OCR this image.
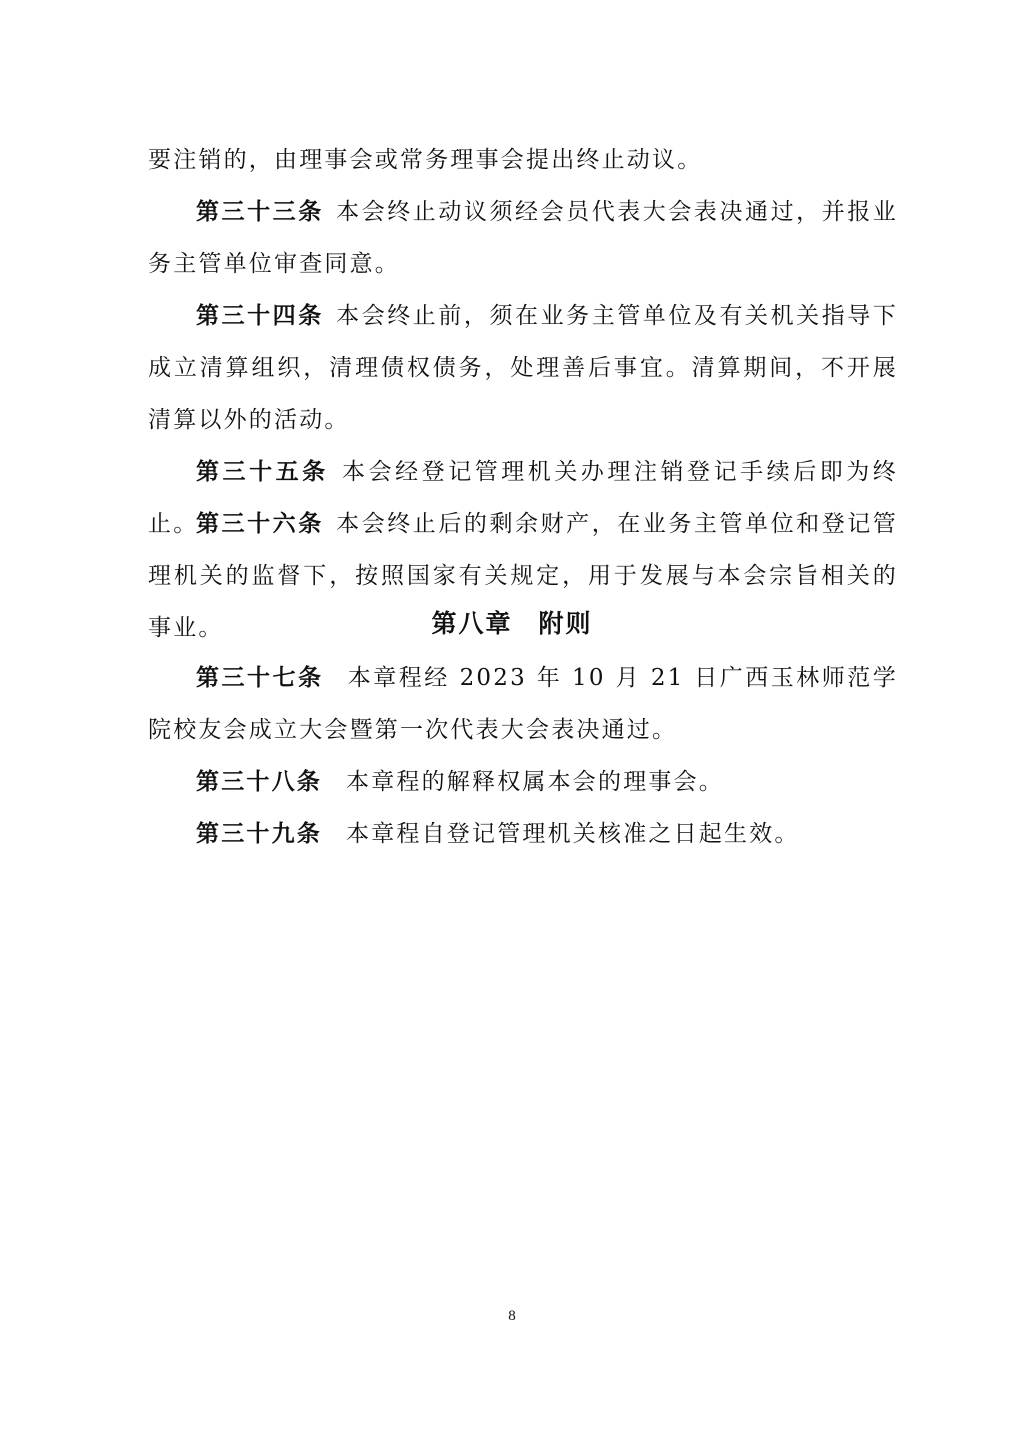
要注销的，由理事会或常务理事会提出终止动议。
第三十三条 本会终止动议须经会员代表大会表决通过，并报业务主管单位审查同意。
第三十四条 本会终止前，须在业务主管单位及有关机关指导下成立清算组织，清理债权债务，处理善后事宜。清算期间，不开展清算以外的活动。
第三十五条 本会经登记管理机关办理注销登记手续后即为终止。
第三十六条 本会终止后的剩余财产，在业务主管单位和登记管理机关的监督下，按照国家有关规定，用于发展与本会宗旨相关的事业。	第八章 附则
第三十七条 本章程经 2023 年 10 月 21 日广西玉林师范学院校友会成立大会暨第一次代表大会表决通过。
第三十八条 本章程的解释权属本会的理事会。
第三十九条 本章程自登记管理机关核准之日起生效。
8
